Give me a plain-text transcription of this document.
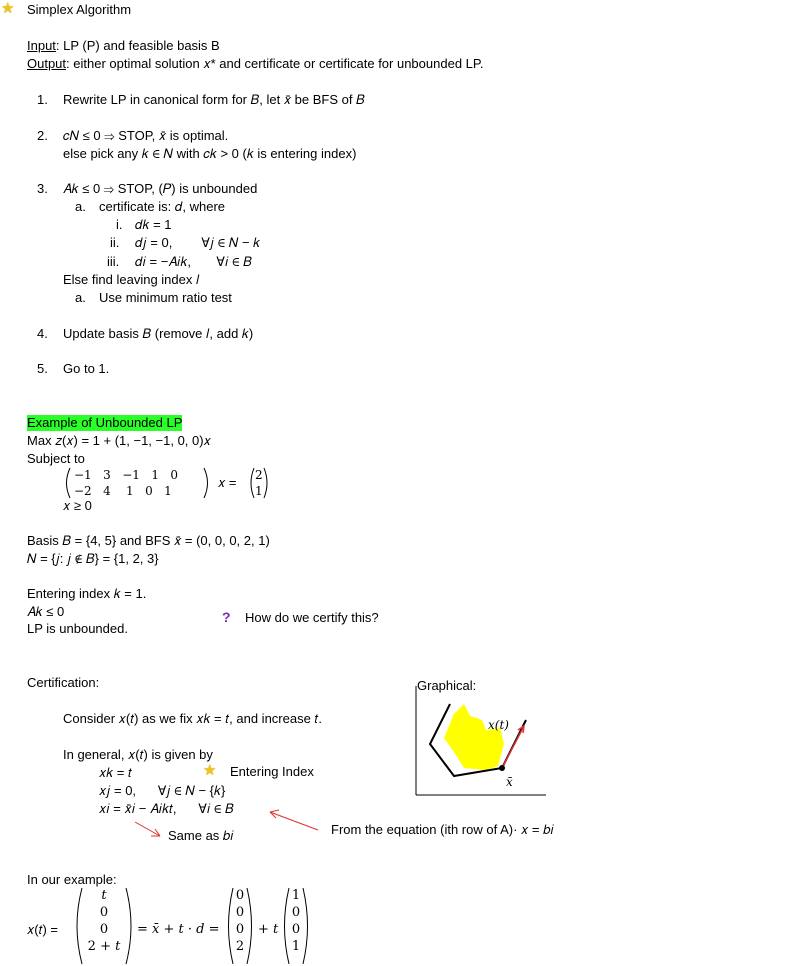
★ Simplex Algorithm
Input: LP (P) and feasible basis B
Output: either optimal solution 𝑥* and certificate or certificate for unbounded LP.
1. Rewrite LP in canonical form for 𝐵, let 𝑥̄ be BFS of 𝐵
2. 𝑐𝑁 ≤ 0 ⇒ STOP, 𝑥̄ is optimal.
else pick any 𝑘 ∈ 𝑁 with 𝑐𝑘 > 0 (𝑘 is entering index)
3. 𝐴𝑘 ≤ 0 ⇒ STOP, (𝑃) is unbounded
a. certificate is: 𝑑, where
i. 𝑑𝑘 = 1
ii. 𝑑𝑗 = 0,        ∀𝑗 ∈ 𝑁 − 𝑘
iii. 𝑑𝑖 = −𝐴𝑖𝑘,       ∀𝑖 ∈ 𝐵
Else find leaving index 𝑙
a. Use minimum ratio test
4. Update basis 𝐵 (remove 𝑙, add 𝑘)
5. Go to 1.
Example of Unbounded LP
Max 𝑧(𝑥) = 1 + (1, −1, −1, 0, 0)𝑥
Subject to
−1   3   −1   1   0
−2   4    1   0   1
𝑥 = 2
1
𝑥 ≥ 0
Basis 𝐵 = {4, 5} and BFS 𝑥̄ = (0, 0, 0, 2, 1)
𝑁 = {𝑗: 𝑗 ∉ 𝐵} = {1, 2, 3}
Entering index 𝑘 = 1.
𝐴𝑘 ≤ 0
LP is unbounded.
? How do we certify this?
Certification:
Consider 𝑥(𝑡) as we fix 𝑥𝑘 = 𝑡, and increase 𝑡.
In general, 𝑥(𝑡) is given by
𝑥𝑘 = 𝑡	★ Entering Index
𝑥𝑗 = 0,      ∀𝑗 ∈ 𝑁 − {𝑘}
𝑥𝑖 = 𝑥̄𝑖 − 𝐴𝑖𝑘𝑡,      ∀𝑖 ∈ 𝐵
Same as 𝑏𝑖	From the equation (ith row of A)· 𝑥 = 𝑏𝑖
Graphical:
𝑥(𝑡)
𝑥̄
In our example:
𝑥(𝑡) =
𝑡
0
0
2 + 𝑡
= 𝑥̄ + 𝑡 · 𝑑 =
0
0
0
2
+ 𝑡
1
0
0
1
